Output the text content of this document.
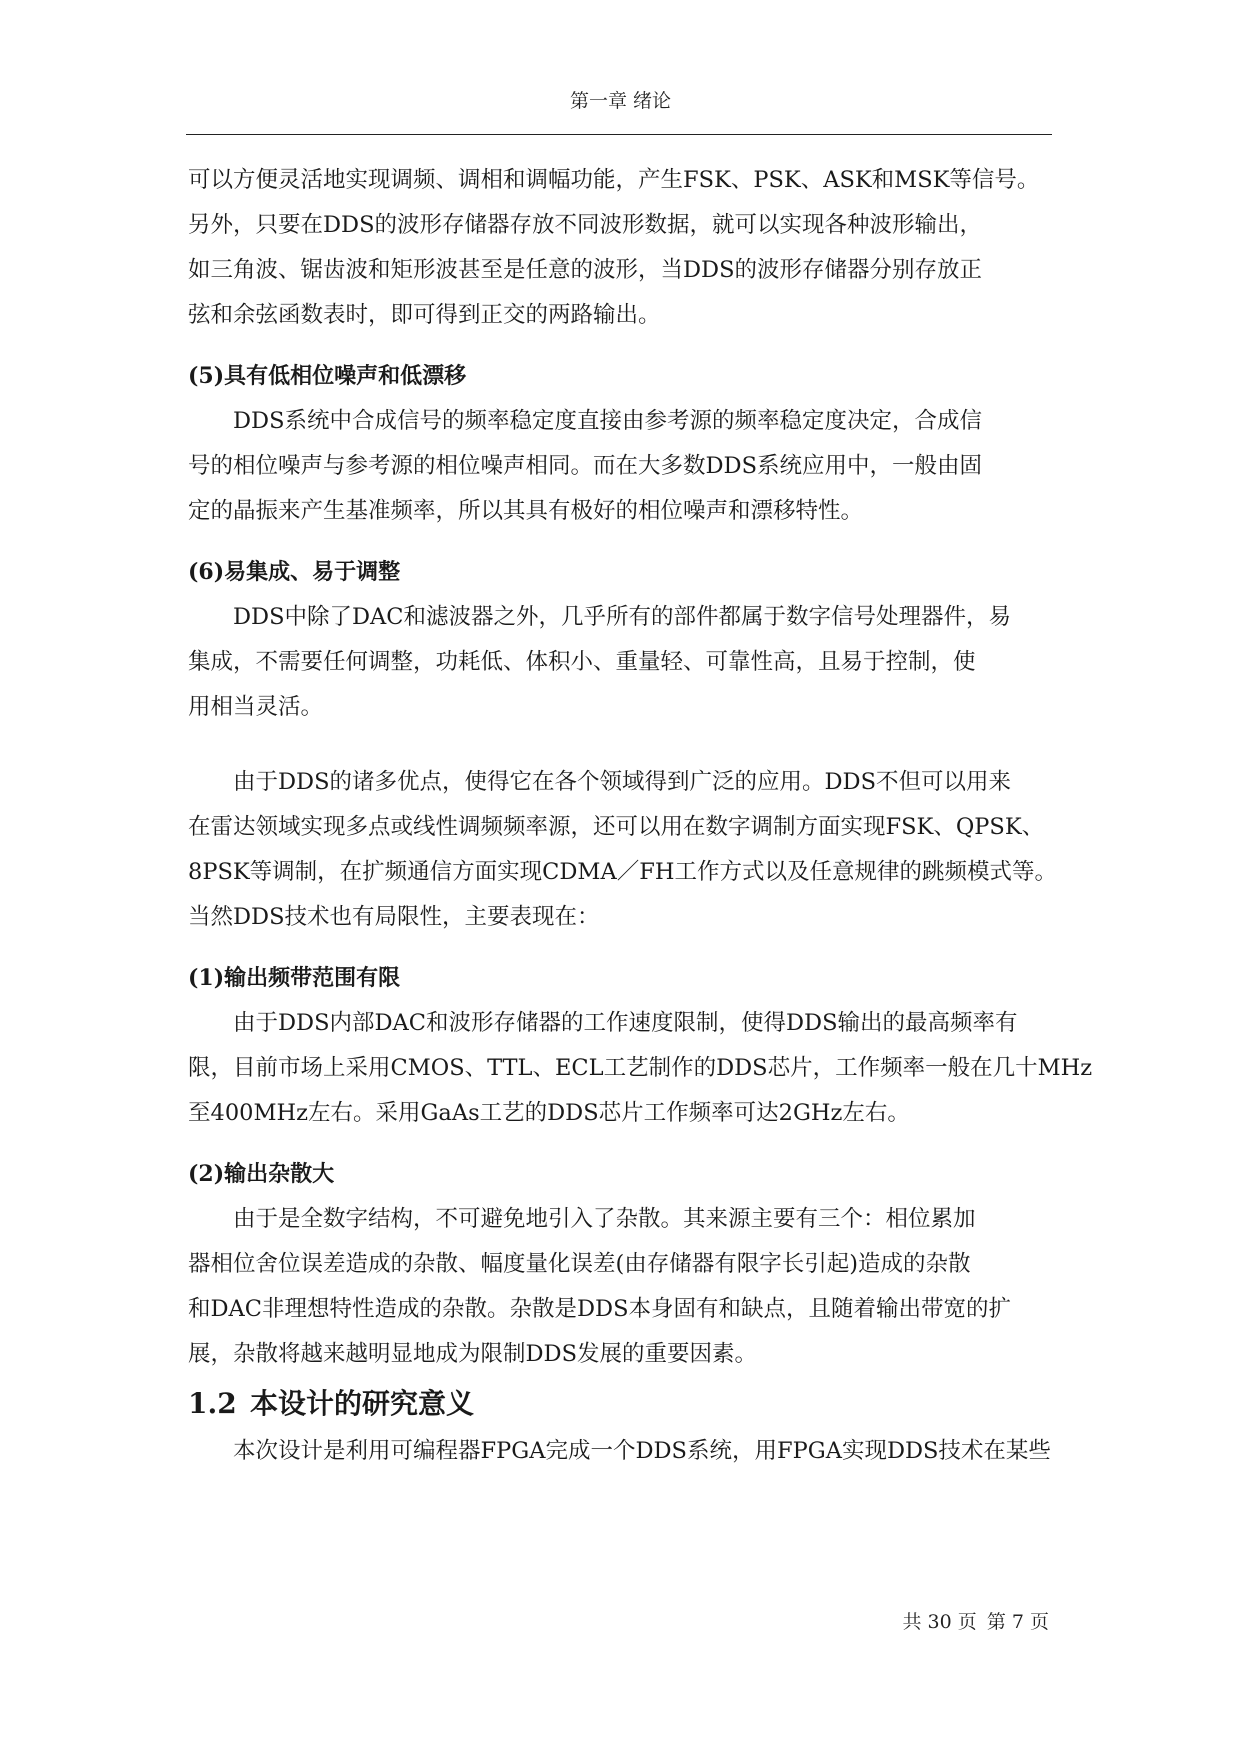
第一章 绪论
可以方便灵活地实现调频、调相和调幅功能，产生FSK、PSK、ASK和MSK等信号。
另外，只要在DDS的波形存储器存放不同波形数据，就可以实现各种波形输出，
如三角波、锯齿波和矩形波甚至是任意的波形，当DDS的波形存储器分别存放正
弦和余弦函数表时，即可得到正交的两路输出。
(5)具有低相位噪声和低漂移
DDS系统中合成信号的频率稳定度直接由参考源的频率稳定度决定，合成信
号的相位噪声与参考源的相位噪声相同。而在大多数DDS系统应用中，一般由固
定的晶振来产生基准频率，所以其具有极好的相位噪声和漂移特性。
(6)易集成、易于调整
DDS中除了DAC和滤波器之外，几乎所有的部件都属于数字信号处理器件，易
集成，不需要任何调整，功耗低、体积小、重量轻、可靠性高，且易于控制，使
用相当灵活。
由于DDS的诸多优点，使得它在各个领域得到广泛的应用。DDS不但可以用来
在雷达领域实现多点或线性调频频率源，还可以用在数字调制方面实现FSK、QPSK、
8PSK等调制，在扩频通信方面实现CDMA／FH工作方式以及任意规律的跳频模式等。
当然DDS技术也有局限性，主要表现在：
(1)输出频带范围有限
由于DDS内部DAC和波形存储器的工作速度限制，使得DDS输出的最高频率有
限，目前市场上采用CMOS、TTL、ECL工艺制作的DDS芯片，工作频率一般在几十MHz
至400MHz左右。采用GaAs工艺的DDS芯片工作频率可达2GHz左右。
(2)输出杂散大
由于是全数字结构，不可避免地引入了杂散。其来源主要有三个：相位累加
器相位舍位误差造成的杂散、幅度量化误差(由存储器有限字长引起)造成的杂散
和DAC非理想特性造成的杂散。杂散是DDS本身固有和缺点，且随着输出带宽的扩
展，杂散将越来越明显地成为限制DDS发展的重要因素。
1.2 本设计的研究意义
本次设计是利用可编程器FPGA完成一个DDS系统，用FPGA实现DDS技术在某些
共 30 页 第 7 页
